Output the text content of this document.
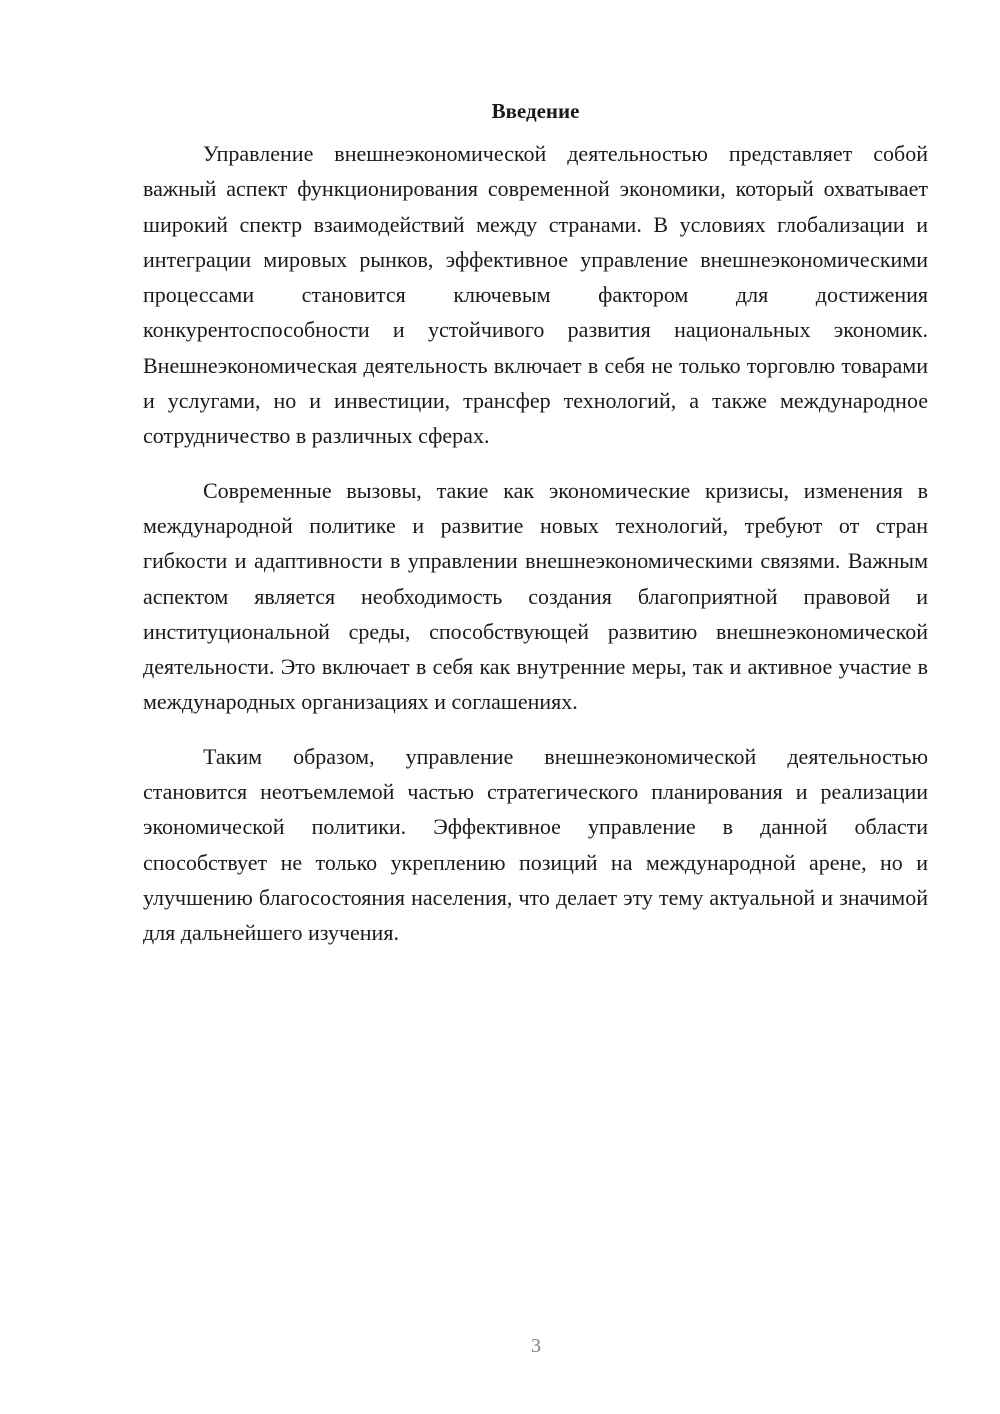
Введение

Управление внешнеэкономической деятельностью представляет собой важный аспект функционирования современной экономики, который охватывает широкий спектр взаимодействий между странами. В условиях глобализации и интеграции мировых рынков, эффективное управление внешнеэкономическими процессами становится ключевым фактором для достижения конкурентоспособности и устойчивого развития национальных экономик. Внешнеэкономическая деятельность включает в себя не только торговлю товарами и услугами, но и инвестиции, трансфер технологий, а также международное сотрудничество в различных сферах.

Современные вызовы, такие как экономические кризисы, изменения в международной политике и развитие новых технологий, требуют от стран гибкости и адаптивности в управлении внешнеэкономическими связями. Важным аспектом является необходимость создания благоприятной правовой и институциональной среды, способствующей развитию внешнеэкономической деятельности. Это включает в себя как внутренние меры, так и активное участие в международных организациях и соглашениях.

Таким образом, управление внешнеэкономической деятельностью становится неотъемлемой частью стратегического планирования и реализации экономической политики. Эффективное управление в данной области способствует не только укреплению позиций на международной арене, но и улучшению благосостояния населения, что делает эту тему актуальной и значимой для дальнейшего изучения.

3
